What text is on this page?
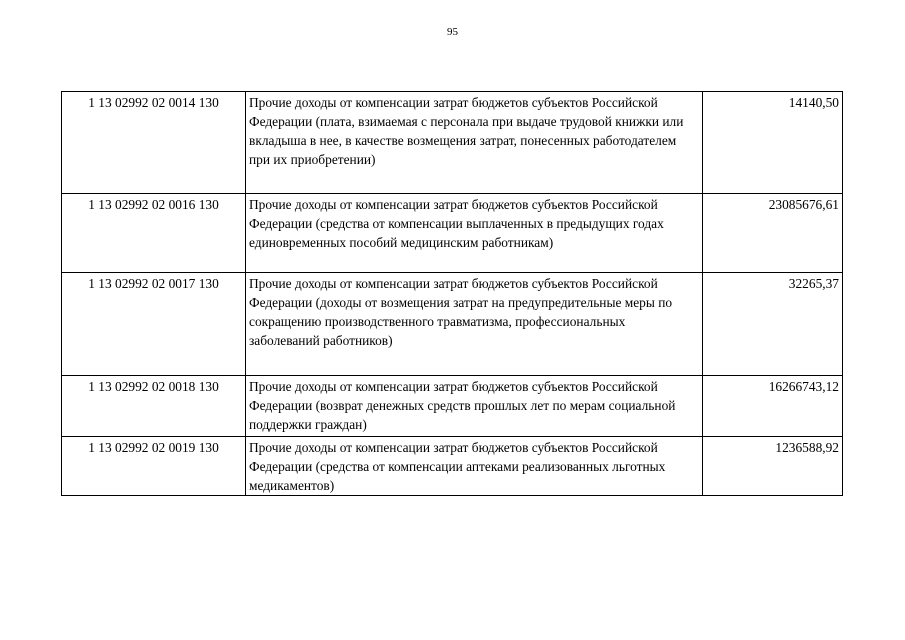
95
1 13 02992 02 0014 130	Прочие доходы от компенсации затрат бюджетов субъектов Российской Федерации (плата, взимаемая с персонала при выдаче трудовой книжки или вкладыша в нее, в качестве возмещения затрат, понесенных работодателем при их приобретении)	14140,50
1 13 02992 02 0016 130	Прочие доходы от компенсации затрат бюджетов субъектов Российской Федерации (средства от компенсации выплаченных в предыдущих годах единовременных пособий медицинским работникам)	23085676,61
1 13 02992 02 0017 130	Прочие доходы от компенсации затрат бюджетов субъектов Российской Федерации (доходы от возмещения затрат на предупредительные меры по сокращению производственного травматизма, профессиональных заболеваний работников)	32265,37
1 13 02992 02 0018 130	Прочие доходы от компенсации затрат бюджетов субъектов Российской Федерации (возврат денежных средств прошлых лет по мерам социальной поддержки граждан)	16266743,12
1 13 02992 02 0019 130	Прочие доходы от компенсации затрат бюджетов субъектов Российской Федерации (средства от компенсации аптеками реализованных льготных медикаментов)	1236588,92
